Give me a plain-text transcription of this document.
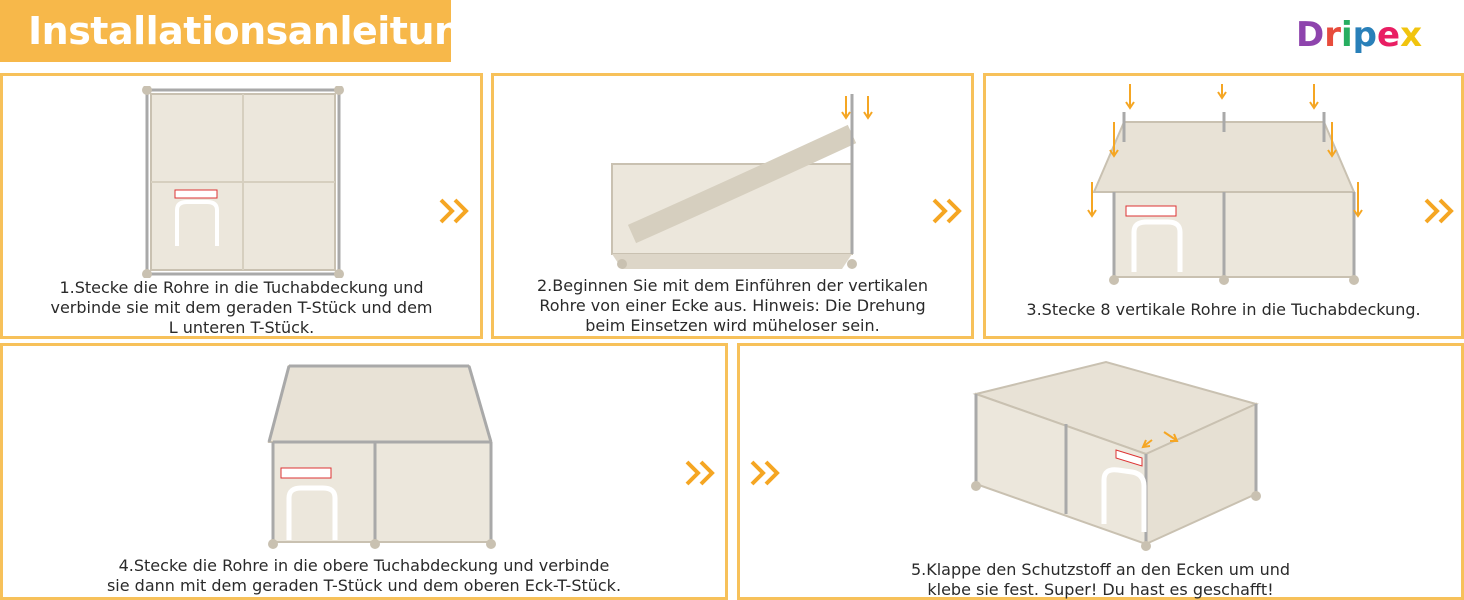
Installationsanleitung	D r i p e x
1.Stecke die Rohre in die Tuchabdeckung und
verbinde sie mit dem geraden T-Stück und dem
L unteren T-Stück.
2.Beginnen Sie mit dem Einführen der vertikalen
Rohre von einer Ecke aus. Hinweis: Die Drehung
beim Einsetzen wird müheloser sein.
3.Stecke 8 vertikale Rohre in die Tuchabdeckung.
4.Stecke die Rohre in die obere Tuchabdeckung und verbinde
sie dann mit dem geraden T-Stück und dem oberen Eck-T-Stück.
5.Klappe den Schutzstoff an den Ecken um und
klebe sie fest. Super! Du hast es geschafft!
